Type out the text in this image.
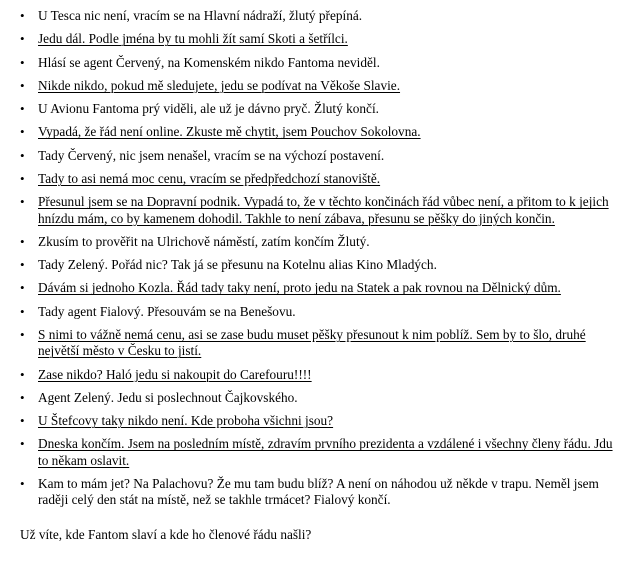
• U Tesca nic není, vracím se na Hlavní nádraží, žlutý přepíná.
• Jedu dál. Podle jména by tu mohli žít samí Skoti a šetřílci.
• Hlásí se agent Červený, na Komenském nikdo Fantoma neviděl.
• Nikde nikdo, pokud mě sledujete, jedu se podívat na Věkoše Slavie.
• U Avionu Fantoma prý viděli, ale už je dávno pryč. Žlutý končí.
• Vypadá, že řád není online. Zkuste mě chytit, jsem Pouchov Sokolovna.
• Tady Červený, nic jsem nenašel, vracím se na výchozí postavení.
• Tady to asi nemá moc cenu, vracím se předpředchozí stanoviště.
• Přesunul jsem se na Dopravní podnik. Vypadá to, že v těchto končinách řád vůbec není, a přitom to k jejich hnízdu mám, co by kamenem dohodil. Takhle to není zábava, přesunu se pěšky do jiných končin.
• Zkusím to prověřit na Ulrichově náměstí, zatím končím Žlutý.
• Tady Zelený. Pořád nic? Tak já se přesunu na Kotelnu alias Kino Mladých.
• Dávám si jednoho Kozla. Řád tady taky není, proto jedu na Statek a pak rovnou na Dělnický dům.
• Tady agent Fialový. Přesouvám se na Benešovu.
• S nimi to vážně nemá cenu, asi se zase budu muset pěšky přesunout k nim poblíž. Sem by to šlo, druhé největší město v Česku to jistí.
• Zase nikdo? Haló jedu si nakoupit do Carefouru!!!!
• Agent Zelený. Jedu si poslechnout Čajkovského.
• U Štefcovy taky nikdo není. Kde proboha všichni jsou?
• Dneska končím. Jsem na posledním místě, zdravím prvního prezidenta a vzdálené i všechny členy řádu. Jdu to někam oslavit.
• Kam to mám jet? Na Palachovu? Že mu tam budu blíž? A není on náhodou už někde v trapu. Neměl jsem raději celý den stát na místě, než se takhle trmácet? Fialový končí.

Už víte, kde Fantom slaví a kde ho členové řádu našli?
